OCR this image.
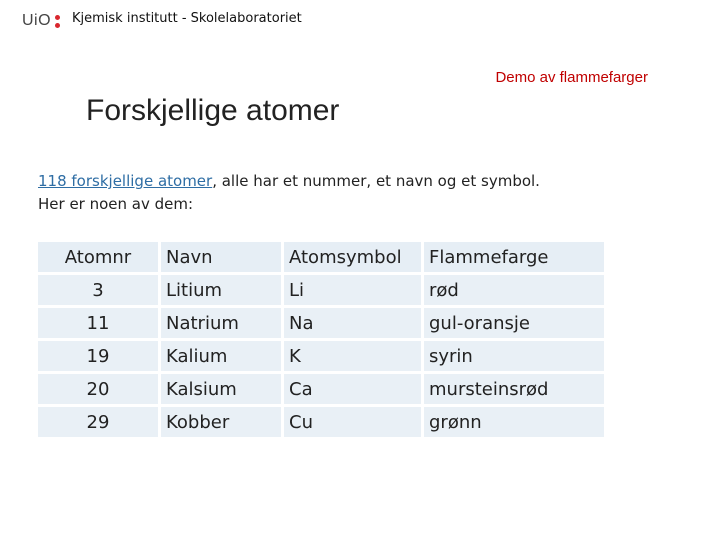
UiO Kjemisk institutt - Skolelaboratoriet
Demo av flammefarger
Forskjellige atomer
118 forskjellige atomer, alle har et nummer, et navn og et symbol.
Her er noen av dem:
Atomnr	Navn	Atomsymbol	Flammefarge
3	Litium	Li	rød
11	Natrium	Na	gul-oransje
19	Kalium	K	syrin
20	Kalsium	Ca	mursteinsrød
29	Kobber	Cu	grønn
